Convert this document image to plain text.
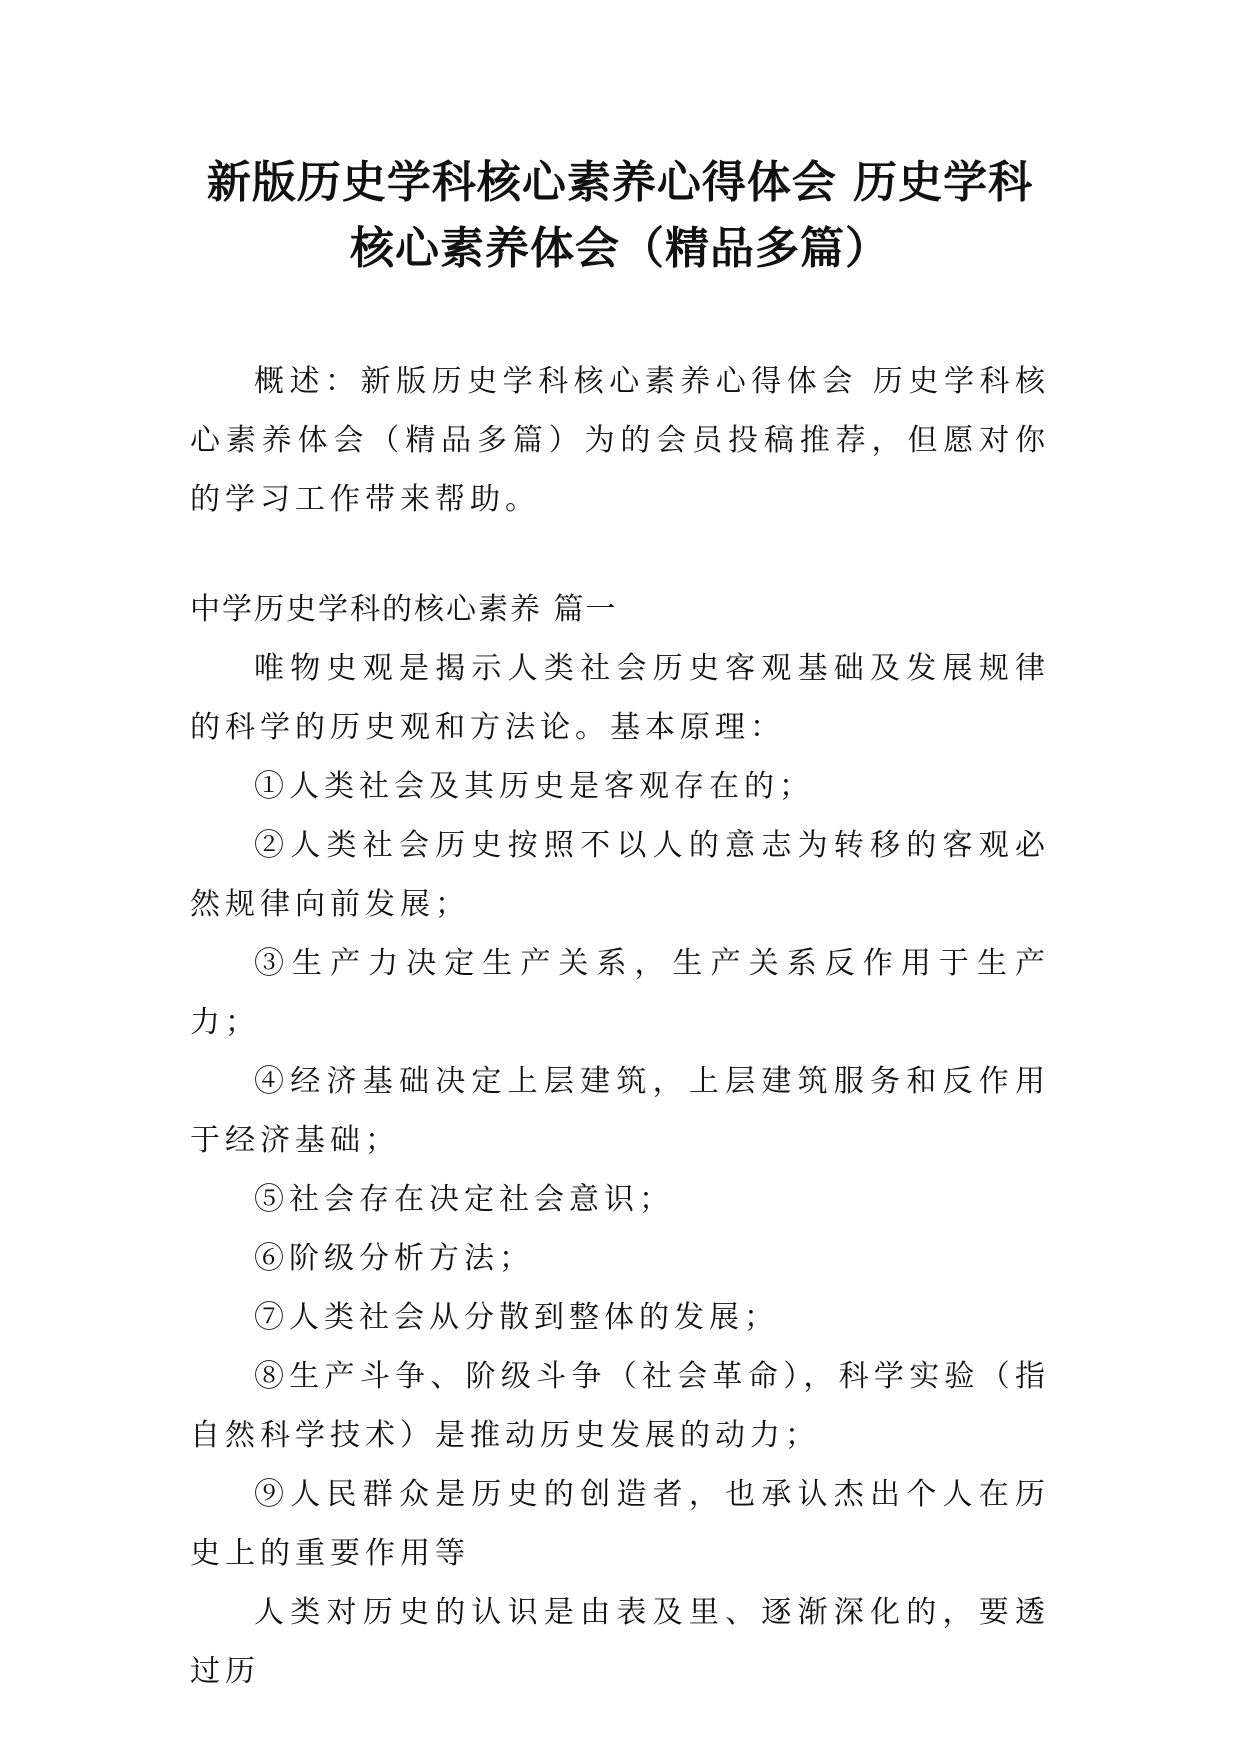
新版历史学科核心素养心得体会 历史学科
核心素养体会（精品多篇）

概述：新版历史学科核心素养心得体会 历史学科核心素养体会（精品多篇）为的会员投稿推荐，但愿对你的学习工作带来帮助。

中学历史学科的核心素养 篇一

唯物史观是揭示人类社会历史客观基础及发展规律的科学的历史观和方法论。基本原理：

①人类社会及其历史是客观存在的；

②人类社会历史按照不以人的意志为转移的客观必然规律向前发展；

③生产力决定生产关系，生产关系反作用于生产力；

④经济基础决定上层建筑，上层建筑服务和反作用于经济基础；

⑤社会存在决定社会意识；

⑥阶级分析方法；

⑦人类社会从分散到整体的发展；

⑧生产斗争、阶级斗争（社会革命），科学实验（指自然科学技术）是推动历史发展的动力；

⑨人民群众是历史的创造者，也承认杰出个人在历史上的重要作用等

人类对历史的认识是由表及里、逐渐深化的，要透过历
